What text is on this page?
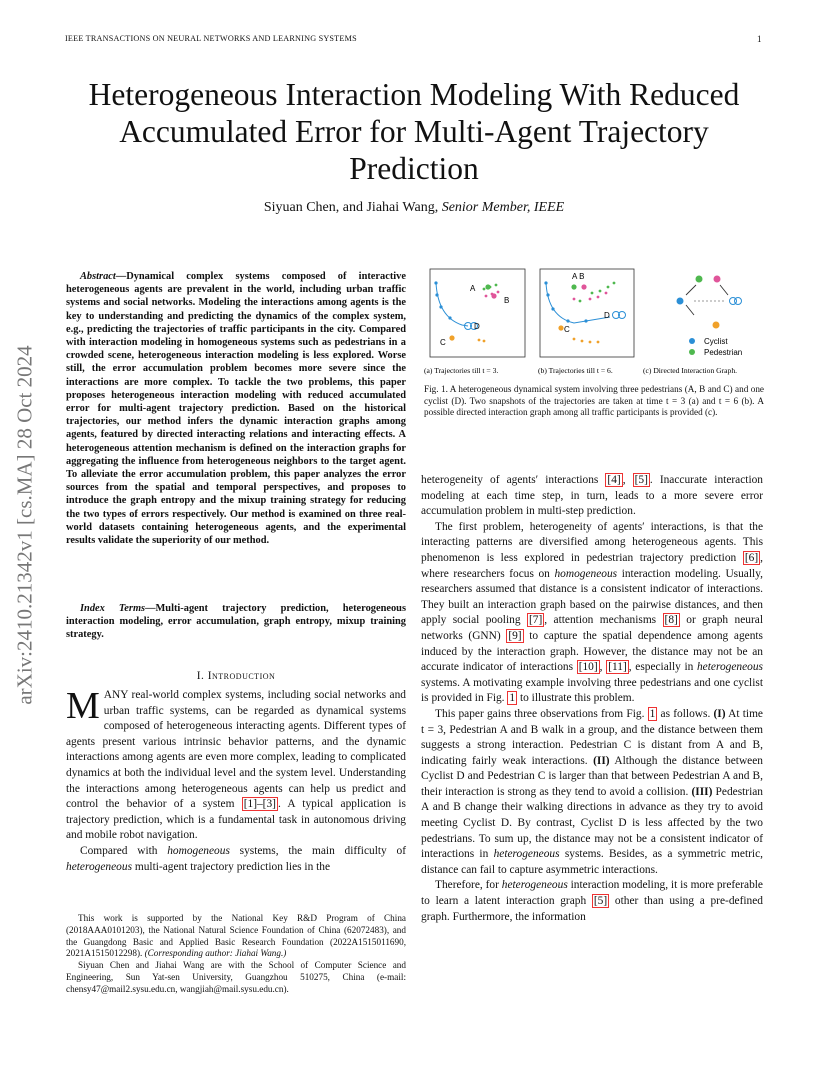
IEEE TRANSACTIONS ON NEURAL NETWORKS AND LEARNING SYSTEMS	1
Heterogeneous Interaction Modeling With Reduced
Accumulated Error for Multi-Agent Trajectory
Prediction
Siyuan Chen, and Jiahai Wang, Senior Member, IEEE
arXiv:2410.21342v1 [cs.MA] 28 Oct 2024
Abstract—Dynamical complex systems composed of interactive heterogeneous agents are prevalent in the world, including urban traffic systems and social networks. Modeling the interactions among agents is the key to understanding and predicting the dynamics of the complex system, e.g., predicting the trajectories of traffic participants in the city. Compared with interaction modeling in homogeneous systems such as pedestrians in a crowded scene, heterogeneous interaction modeling is less explored. Worse still, the error accumulation problem becomes more severe since the interactions are more complex. To tackle the two problems, this paper proposes heterogeneous interaction modeling with reduced accumulated error for multi-agent trajectory prediction. Based on the historical trajectories, our method infers the dynamic interaction graphs among agents, featured by directed interacting relations and interacting effects. A heterogeneous attention mechanism is defined on the interaction graphs for aggregating the influence from heterogeneous neighbors to the target agent. To alleviate the error accumulation problem, this paper analyzes the error sources from the spatial and temporal perspectives, and proposes to introduce the graph entropy and the mixup training strategy for reducing the two types of errors respectively. Our method is examined on three real-world datasets containing heterogeneous agents, and the experimental results validate the superiority of our method.
Index Terms—Multi-agent trajectory prediction, heterogeneous interaction modeling, error accumulation, graph entropy, mixup training strategy.
I. Introduction
MANY real-world complex systems, including social networks and urban traffic systems, can be regarded as dynamical systems composed of heterogeneous interacting agents. Different types of agents present various intrinsic behavior patterns, and the dynamic interactions among agents are even more complex, leading to complicated dynamics at both the individual level and the system level. Understanding the interactions among heterogeneous agents can help us predict and control the behavior of a system [1]–[3] . A typical application is trajectory prediction, which is a fundamental task in autonomous driving and mobile robot navigation.

Compared with homogeneous systems, the main difficulty of heterogeneous multi-agent trajectory prediction lies in the

This work is supported by the National Key R&D Program of China (2018AAA0101203), the National Natural Science Foundation of China (62072483), and the Guangdong Basic and Applied Basic Research Foundation (2022A1515011690, 2021A1515012298). (Corresponding author: Jiahai Wang.)

Siyuan Chen and Jiahai Wang are with the School of Computer Science and Engineering, Sun Yat-sen University, Guangzhou 510275, China (e-mail: chensy47@mail2.sysu.edu.cn, wangjiah@mail.sysu.edu.cn).

A
B
C
D
A B
C
D
Cyclist
Pedestrian
(a) Trajectories till t = 3.	(b) Trajectories till t = 6.	(c) Directed Interaction Graph.
Fig. 1. A heterogeneous dynamical system involving three pedestrians (A, B and C) and one cyclist (D). Two snapshots of the trajectories are taken at time t = 3 (a) and t = 6 (b). A possible directed interaction graph among all traffic participants is provided (c).

heterogeneity of agents′ interactions [4] , [5] . Inaccurate interaction modeling at each time step, in turn, leads to a more severe error accumulation problem in multi-step prediction.

The first problem, heterogeneity of agents′ interactions, is that the interacting patterns are diversified among heterogeneous agents. This phenomenon is less explored in pedestrian trajectory prediction [6] , where researchers focus on homogeneous interaction modeling. Usually, researchers assumed that distance is a consistent indicator of interactions. They built an interaction graph based on the pairwise distances, and then apply social pooling [7] , attention mechanisms [8] or graph neural networks (GNN) [9] to capture the spatial dependence among agents induced by the interaction graph. However, the distance may not be an accurate indicator of interactions [10] , [11] , especially in heterogeneous systems. A motivating example involving three pedestrians and one cyclist is provided in Fig. 1 to illustrate this problem.

This paper gains three observations from Fig. 1 as follows. (I) At time t = 3, Pedestrian A and B walk in a group, and the distance between them suggests a strong interaction. Pedestrian C is distant from A and B, indicating fairly weak interactions. (II) Although the distance between Cyclist D and Pedestrian C is larger than that between Pedestrian A and B, their interaction is strong as they tend to avoid a collision. (III) Pedestrian A and B change their walking directions in advance as they try to avoid meeting Cyclist D. By contrast, Cyclist D is less affected by the two pedestrians. To sum up, the distance may not be a consistent indicator of interactions in heterogeneous systems. Besides, as a symmetric metric, distance can fail to capture asymmetric interactions.

Therefore, for heterogeneous interaction modeling, it is more preferable to learn a latent interaction graph [5] other than using a pre-defined graph. Furthermore, the information
